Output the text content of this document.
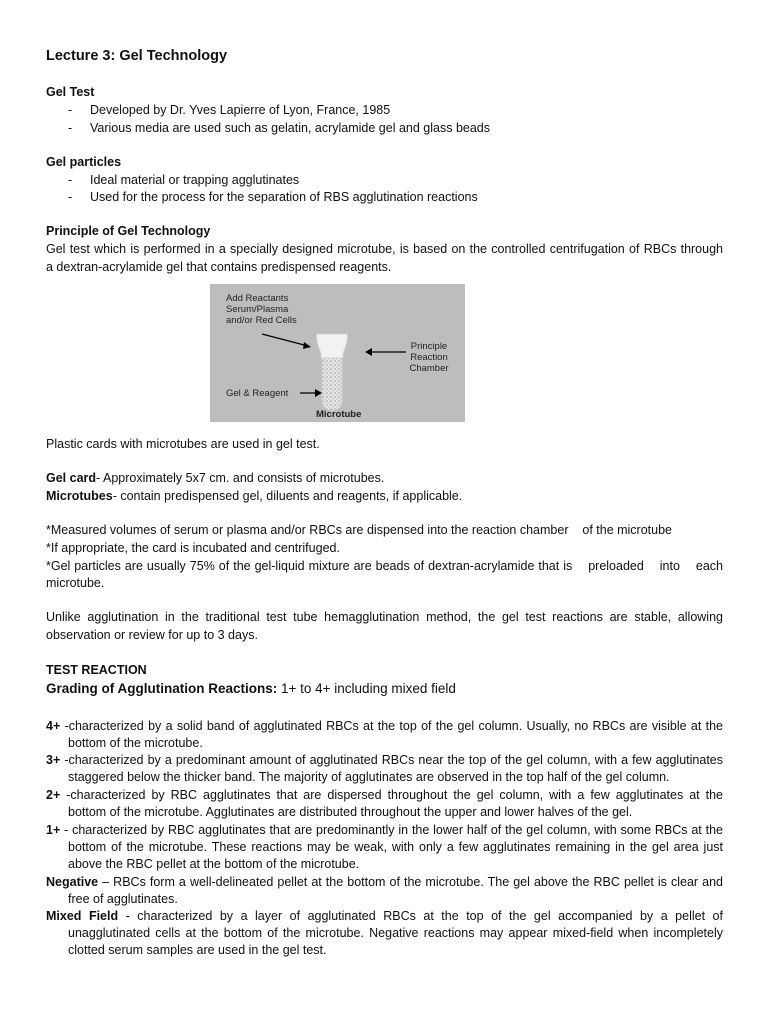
Lecture 3: Gel Technology
Gel Test
- Developed by Dr. Yves Lapierre of Lyon, France, 1985
- Various media are used such as gelatin, acrylamide gel and glass beads
Gel particles
- Ideal material or trapping agglutinates
- Used for the process for the separation of RBS agglutination reactions
Principle of Gel Technology
Gel test which is performed in a specially designed microtube, is based on the controlled centrifugation of RBCs through
a dextran-acrylamide gel that contains predispensed reagents.
Add Reactants
Serum/Plasma
and/or Red Cells
Principle
Reaction
Chamber
Gel & Reagent
Microtube
Plastic cards with microtubes are used in gel test.
Gel card- Approximately 5x7 cm. and consists of microtubes.
Microtubes- contain predispensed gel, diluents and reagents, if applicable.
*Measured volumes of serum or plasma and/or RBCs are dispensed into the reaction chamber    of the microtube
*If appropriate, the card is incubated and centrifuged.
*Gel particles are usually 75% of the gel-liquid mixture are beads of dextran-acrylamide that is    preloaded    into    each
microtube.
Unlike agglutination in the traditional test tube hemagglutination method, the gel test reactions are stable, allowing
observation or review for up to 3 days.
TEST REACTION
Grading of Agglutination Reactions: 1+ to 4+ including mixed field
4+ -characterized by a solid band of agglutinated RBCs at the top of the gel column. Usually, no RBCs are visible at the
bottom of the microtube.
3+ -characterized by a predominant amount of agglutinated RBCs near the top of the gel column, with a few agglutinates
staggered below the thicker band. The majority of agglutinates are observed in the top half of the gel column.
2+ -characterized by RBC agglutinates that are dispersed throughout the gel column, with a few agglutinates at the
bottom of the microtube. Agglutinates are distributed throughout the upper and lower halves of the gel.
1+ - characterized by RBC agglutinates that are predominantly in the lower half of the gel column, with some RBCs at the
bottom of the microtube. These reactions may be weak, with only a few agglutinates remaining in the gel area just
above the RBC pellet at the bottom of the microtube.
Negative – RBCs form a well-delineated pellet at the bottom of the microtube. The gel above the RBC pellet is clear and
free of agglutinates.
Mixed Field - characterized by a layer of agglutinated RBCs at the top of the gel accompanied by a pellet of
unagglutinated cells at the bottom of the microtube. Negative reactions may appear mixed-field when incompletely
clotted serum samples are used in the gel test.
